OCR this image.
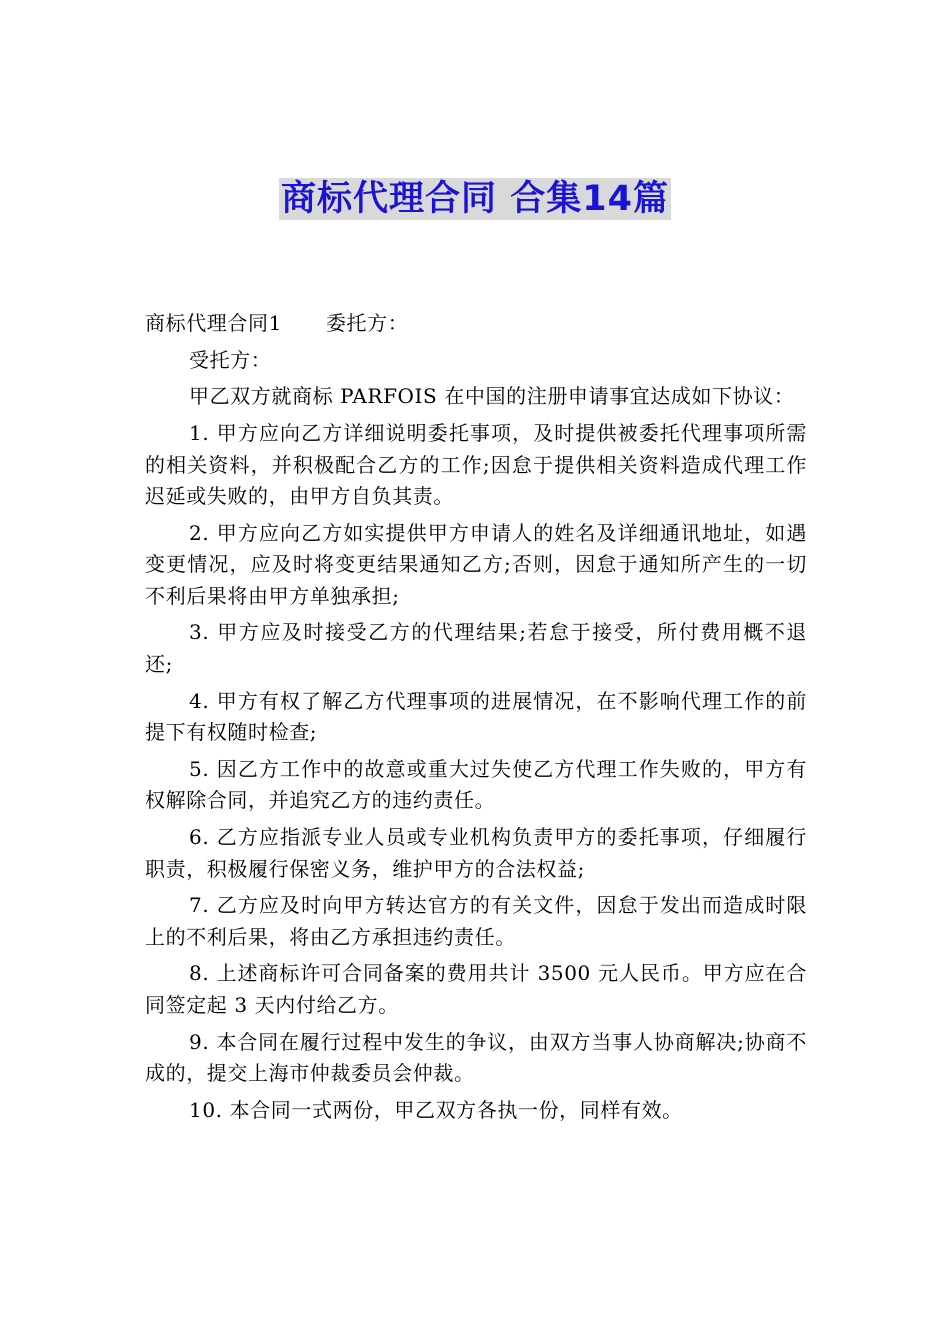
商标代理合同 合集14篇

商标代理合同1 委托方：

受托方：

甲乙双方就商标 PARFOIS 在中国的注册申请事宜达成如下协议：

1. 甲方应向乙方详细说明委托事项，及时提供被委托代理事项所需的相关资料，并积极配合乙方的工作;因怠于提供相关资料造成代理工作迟延或失败的，由甲方自负其责。

2. 甲方应向乙方如实提供甲方申请人的姓名及详细通讯地址，如遇变更情况，应及时将变更结果通知乙方;否则，因怠于通知所产生的一切不利后果将由甲方单独承担;

3. 甲方应及时接受乙方的代理结果;若怠于接受，所付费用概不退还;

4. 甲方有权了解乙方代理事项的进展情况，在不影响代理工作的前提下有权随时检查;

5. 因乙方工作中的故意或重大过失使乙方代理工作失败的，甲方有权解除合同，并追究乙方的违约责任。

6. 乙方应指派专业人员或专业机构负责甲方的委托事项，仔细履行职责，积极履行保密义务，维护甲方的合法权益;

7. 乙方应及时向甲方转达官方的有关文件，因怠于发出而造成时限上的不利后果，将由乙方承担违约责任。

8. 上述商标许可合同备案的费用共计 3500 元人民币。甲方应在合同签定起 3 天内付给乙方。

9. 本合同在履行过程中发生的争议，由双方当事人协商解决;协商不成的，提交上海市仲裁委员会仲裁。

10. 本合同一式两份，甲乙双方各执一份，同样有效。
